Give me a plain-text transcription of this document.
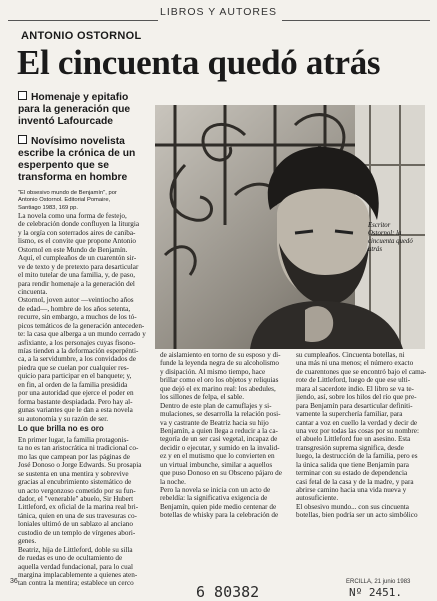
LIBROS Y AUTORES
ANTONIO OSTORNOL
El cincuenta quedó atrás
Homenaje y epitafio
para la generación que
inventó Lafourcade
Novísimo novelista
escribe la crónica de un
esperpento que se
transforma en hombre
"El obsesivo mundo de Benjamín", por
Antonio Ostornol. Editorial Pomaire,
Santiago 1983, 169 pp.
Escritor
Ostornol: la
cincuenta quedó
atrás
La novela como una forma de festejo,
de celebración donde confluyen la liturgia
y la orgía con soterrados aires de caniba-
lismo, es el convite que propone Antonio
Ostornol en este Mundo de Benjamín.
Aquí, el cumpleaños de un cuarentón sir-
ve de texto y de pretexto para desarticular
el mito tutelar de una familia, y, de paso,
para rendir homenaje a la generación del
cincuenta.
Ostornol, joven autor —veintiocho años
de edad—, hombre de los años setenta,
recurre, sin embargo, a muchos de los tó-
picos temáticos de la generación anteceden-
te: la casa que alberga a un mundo cerrado y
asfixiante, a los personajes cuyas fisono-
mías tienden a la deformación esperpénti-
ca, a la servidumbre, a los convidados de
piedra que se cuelan por cualquier res-
quicio para participar en el banquete; y,
en fin, al orden de la familia presidida
por una autoridad que ejerce el poder en
forma bastante despiadada. Pero hay al-
gunas variantes que le dan a esta novela
su autonomía y su razón de ser.
Lo que brilla no es oro
En primer lugar, la familia protagonis-
ta no es tan aristocrática ni tradicional co-
mo las que campean por las páginas de
José Donoso o Jorge Edwards. Su prosapia
se sustenta en una mentira y sobrevive
gracias al encubrimiento sistemático de
un acto vergonzoso cometido por su fun-
dador, el "venerable" abuelo, Sir Hubert
Littleford, ex oficial de la marina real bri-
tánica, quien en una de sus travesuras co-
loniales ultimó de un sablazo al anciano
custodio de un templo de vírgenes abori-
genes.
Beatriz, hija de Littleford, doble su silla
de ruedas es uno de ocultamiento de
aquella verdad fundacional, para lo cual
margina implacablemente a quienes aten-
tan contra la mentira; establece un cerco
de aislamiento en torno de su esposo y di-
funde la leyenda negra de su alcoholismo
y disipación. Al mismo tiempo, hace
brillar como el oro los objetos y reliquias
que dejó el ex marino real: los abedules,
los sillones de felpa, el sable.
Dentro de este plan de camuflajes y si-
mulaciones, se desarrolla la relación posi-
va y castrante de Beatriz hacia su hijo
Benjamín, a quien llega a reducir a la ca-
tegoría de un ser casi vegetal, incapaz de
decidir o ejecutar, y sumido en la invalid-
ez y en el mutismo que lo convierten en
un virtual imbunche, similar a aquellos
que puso Donoso en su Obsceno pájaro de
la noche.
Pero la novela se inicia con un acto de
rebeldía: la significativa exigencia de
Benjamín, quien pide medio centenar de
botellas de whisky para la celebración de
su cumpleaños. Cincuenta botellas, ni
una más ni una menos; el número exacto
de cuarentones que se encontró bajo el cama-
rote de Littleford, luego de que ese ulti-
mara al sacerdote indio. El libro se va te-
jiendo, así, sobre los hilos del río que pre-
para Benjamín para desarticular definiti-
vamente la superchería familiar, para
cantar a voz en cuello la verdad y decir de
una vez por todas las cosas por su nombre:
el abuelo Littleford fue un asesino. Esta
transgresión suprema significa, desde
luego, la destrucción de la familia, pero es
la única salida que tiene Benjamín para
terminar con su estado de dependencia
casi fetal de la casa y de la madre, y para
abrirse camino hacia una vida nueva y
autosuficiente.
El obsesivo mundo... con sus cincuenta
botellas, bien podría ser un acto simbólico
36	ERCILLA, 21 junio 1983
6 80382	Nº 2451.
